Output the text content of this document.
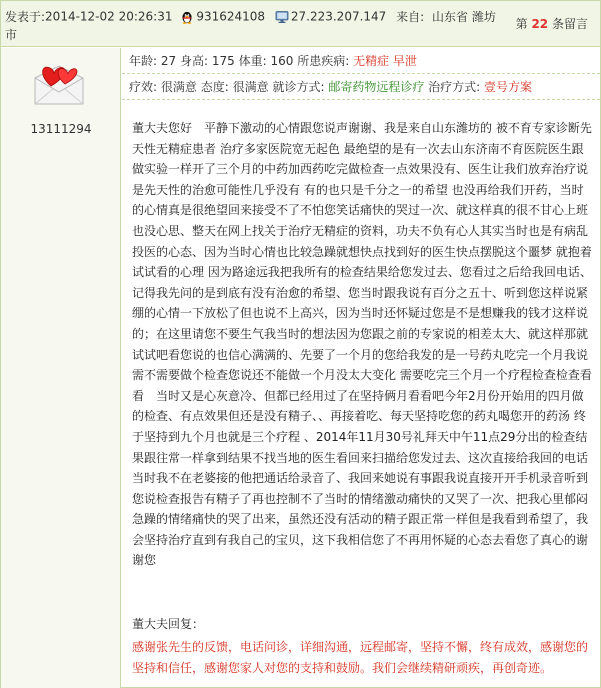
发表于:2014-12-02 20:26:31 931624108 27.223.207.147 来自: 山东省 潍坊
市
第 22 条留言
13111294
年龄: 27 身高: 175 体重: 160 所患疾病: 无精症 早泄
疗效: 很满意 态度: 很满意 就诊方式: 邮寄药物远程诊疗 治疗方式: 壹号方案

董大夫您好　平静下激动的心情跟您说声谢谢、我是来自山东潍坊的 被不育专家诊断先天性无精症患者 治疗多家医院宽无起色 最绝望的是有一次去山东济南不育医院医生跟做实验一样开了三个月的中药加西药吃完做检查一点效果没有、医生让我们放弃治疗说是先天性的治愈可能性几乎没有 有的也只是千分之一的希望 也没再给我们开药，当时的心情真是很绝望回来接受不了不怕您笑话痛快的哭过一次、就这样真的很不甘心上班也没心思、整天在网上找关于治疗无精症的资料，功夫不负有心人其实当时也是有病乱投医的心态、因为当时心情也比较急躁就想快点找到好的医生快点摆脱这个噩梦 就抱着试试看的心理 因为路途远我把我所有的检查结果给您发过去、您看过之后给我回电话、记得我先问的是到底有没有治愈的希望、您当时跟我说有百分之五十、听到您这样说紧绷的心情一下放松了但也说不上高兴，因为当时还怀疑过您是不是想赚我的钱才这样说的；在这里请您不要生气我当时的想法因为您跟之前的专家说的相差太大、就这样那就试试吧看您说的也信心满满的、先要了一个月的您给我发的是一号药丸吃完一个月我说需不需要做个检查您说还不能做一个月没太大变化 需要吃完三个月一个疗程检查检查看看　当时又是心灰意冷、但都已经用过了在坚持俩月看看吧今年2月份开始用的四月做的检查、有点效果但还是没有精子、、再接着吃、每天坚持吃您的药丸喝您开的药汤 终于坚持到九个月也就是三个疗程 、2014年11月30号礼拜天中午11点29分出的检查结果跟往常一样拿到结果不找当地的医生看回来扫描给您发过去、这次直接给我回的电话当时我不在老婆接的他把通话给录音了、我回来她说有事跟我说直接开开手机录音听到您说检查报告有精子了再也控制不了当时的情绪激动痛快的又哭了一次、把我心里郁闷急躁的情绪痛快的哭了出来，虽然还没有活动的精子跟正常一样但是我看到希望了，我会坚持治疗直到有我自己的宝贝，这下我相信您了不再用怀疑的心态去看您了真心的谢谢您

董大夫回复：
感谢张先生的反馈，电话问诊，详细沟通，远程邮寄，坚持不懈，终有成效，感谢您的坚持和信任，感谢您家人对您的支持和鼓励。我们会继续精研顽疾，再创奇迹。
